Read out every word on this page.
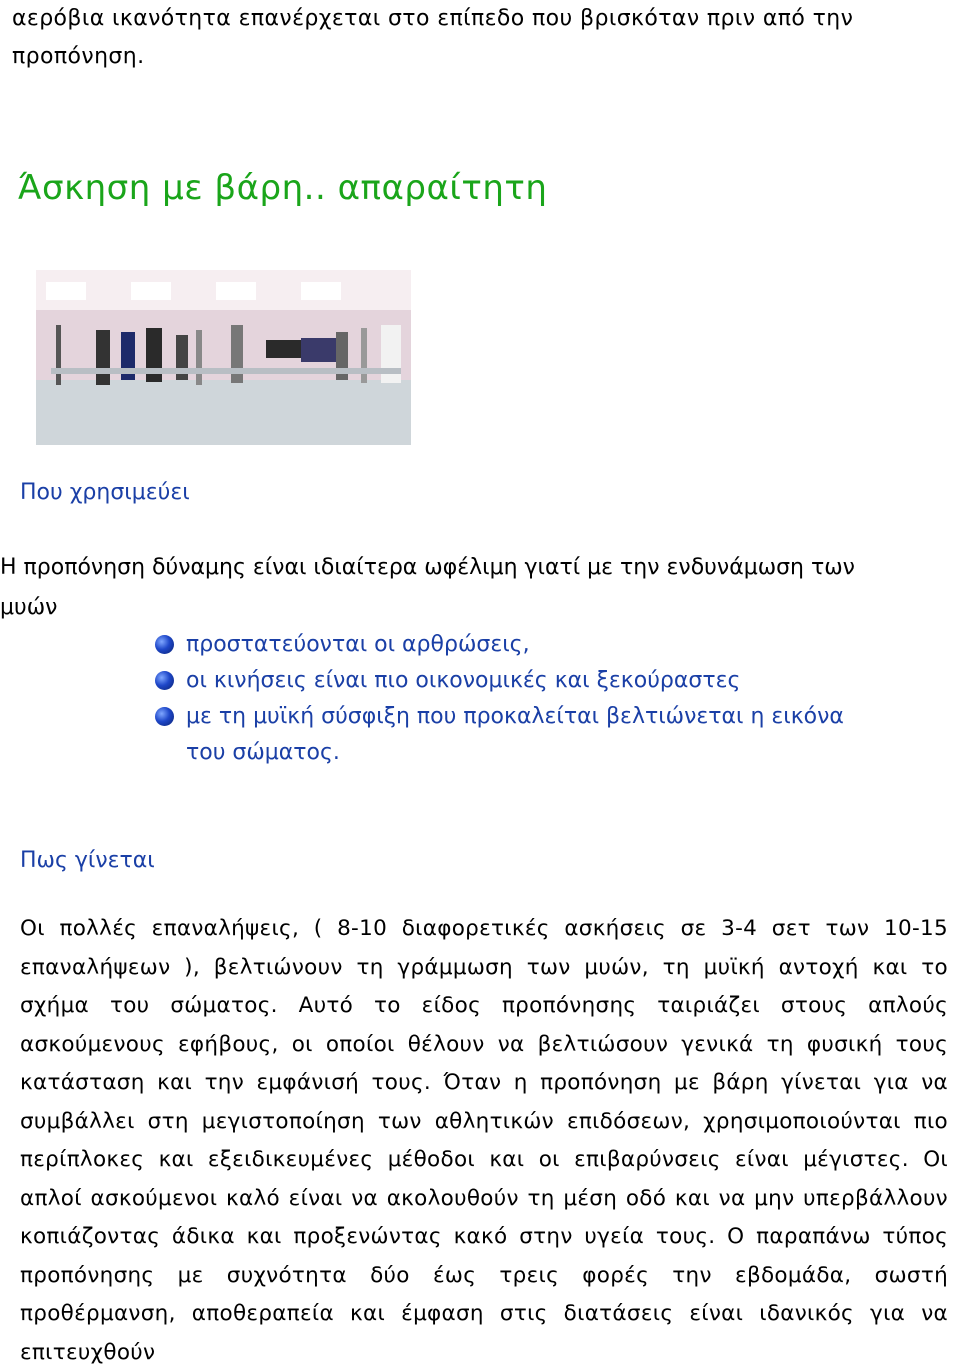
αερόβια ικανότητα επανέρχεται στο επίπεδο που βρισκόταν πριν από την
προπόνηση.
Άσκηση με βάρη.. απαραίτητη
Που χρησιμεύει
Η προπόνηση δύναμης είναι ιδιαίτερα ωφέλιμη γιατί με την ενδυνάμωση των
μυών
προστατεύονται οι αρθρώσεις,
οι κινήσεις είναι πιο οικονομικές και ξεκούραστες
με τη μυϊκή σύσφιξη που προκαλείται βελτιώνεται η εικόνα
του σώματος.
Πως γίνεται
Οι πολλές επαναλήψεις, ( 8-10 διαφορετικές ασκήσεις σε 3-4 σετ των 10-15 επαναλήψεων ), βελτιώνουν τη γράμμωση των μυών, τη μυϊκή αντοχή και το σχήμα του σώματος. Αυτό το είδος προπόνησης ταιριάζει στους απλούς ασκούμενους εφήβους, οι οποίοι θέλουν να βελτιώσουν γενικά τη φυσική τους κατάσταση και την εμφάνισή τους. Όταν η προπόνηση με βάρη γίνεται για να συμβάλλει στη μεγιστοποίηση των αθλητικών επιδόσεων, χρησιμοποιούνται πιο περίπλοκες και εξειδικευμένες μέθοδοι και οι επιβαρύνσεις είναι μέγιστες. Οι απλοί ασκούμενοι καλό είναι να ακολουθούν τη μέση οδό και να μην υπερβάλλουν κοπιάζοντας άδικα και προξενώντας κακό στην υγεία τους. Ο παραπάνω τύπος προπόνησης με συχνότητα δύο έως τρεις φορές την εβδομάδα, σωστή προθέρμανση, αποθεραπεία και έμφαση στις διατάσεις είναι ιδανικός για να επιτευχθούν
